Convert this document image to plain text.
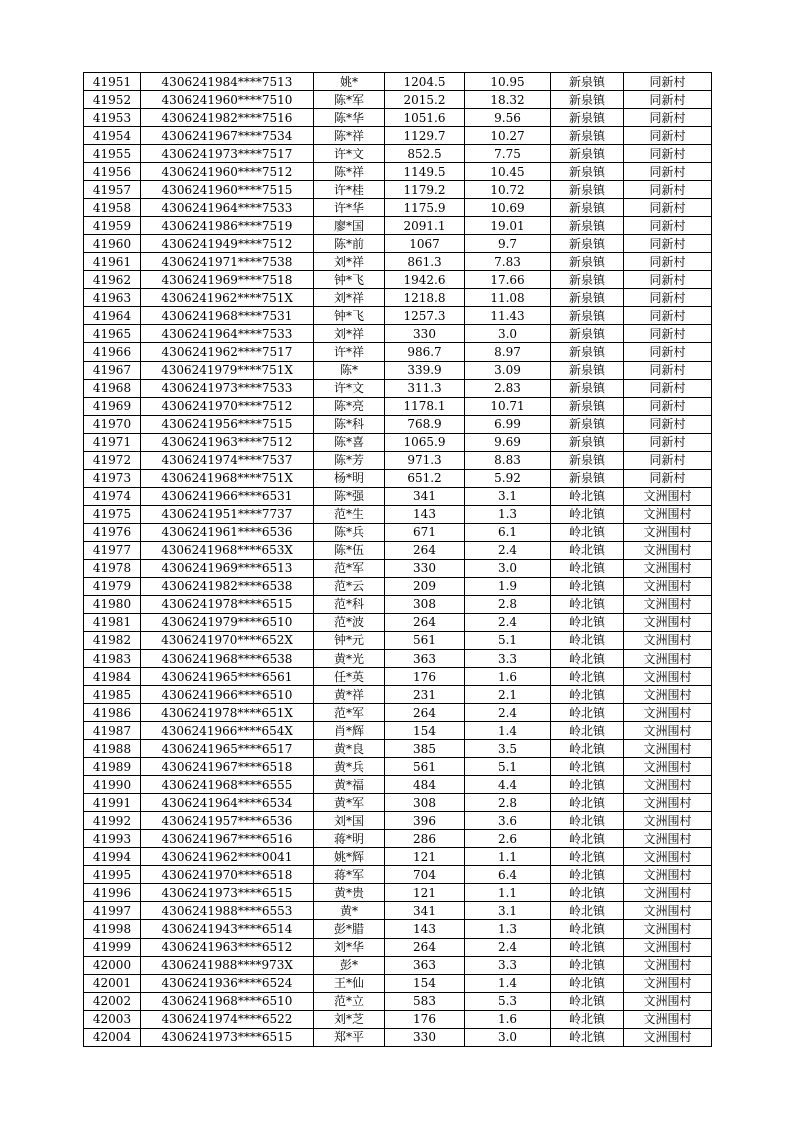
41951	4306241984****7513	姚*	1204.5	10.95	新泉镇	同新村
41952	4306241960****7510	陈*军	2015.2	18.32	新泉镇	同新村
41953	4306241982****7516	陈*华	1051.6	9.56	新泉镇	同新村
41954	4306241967****7534	陈*祥	1129.7	10.27	新泉镇	同新村
41955	4306241973****7517	许*文	852.5	7.75	新泉镇	同新村
41956	4306241960****7512	陈*祥	1149.5	10.45	新泉镇	同新村
41957	4306241960****7515	许*桂	1179.2	10.72	新泉镇	同新村
41958	4306241964****7533	许*华	1175.9	10.69	新泉镇	同新村
41959	4306241986****7519	廖*国	2091.1	19.01	新泉镇	同新村
41960	4306241949****7512	陈*前	1067	9.7	新泉镇	同新村
41961	4306241971****7538	刘*祥	861.3	7.83	新泉镇	同新村
41962	4306241969****7518	钟*飞	1942.6	17.66	新泉镇	同新村
41963	4306241962****751X	刘*祥	1218.8	11.08	新泉镇	同新村
41964	4306241968****7531	钟*飞	1257.3	11.43	新泉镇	同新村
41965	4306241964****7533	刘*祥	330	3.0	新泉镇	同新村
41966	4306241962****7517	许*祥	986.7	8.97	新泉镇	同新村
41967	4306241979****751X	陈*	339.9	3.09	新泉镇	同新村
41968	4306241973****7533	许*文	311.3	2.83	新泉镇	同新村
41969	4306241970****7512	陈*亮	1178.1	10.71	新泉镇	同新村
41970	4306241956****7515	陈*科	768.9	6.99	新泉镇	同新村
41971	4306241963****7512	陈*喜	1065.9	9.69	新泉镇	同新村
41972	4306241974****7537	陈*芳	971.3	8.83	新泉镇	同新村
41973	4306241968****751X	杨*明	651.2	5.92	新泉镇	同新村
41974	4306241966****6531	陈*强	341	3.1	岭北镇	文洲围村
41975	4306241951****7737	范*生	143	1.3	岭北镇	文洲围村
41976	4306241961****6536	陈*兵	671	6.1	岭北镇	文洲围村
41977	4306241968****653X	陈*伍	264	2.4	岭北镇	文洲围村
41978	4306241969****6513	范*军	330	3.0	岭北镇	文洲围村
41979	4306241982****6538	范*云	209	1.9	岭北镇	文洲围村
41980	4306241978****6515	范*科	308	2.8	岭北镇	文洲围村
41981	4306241979****6510	范*波	264	2.4	岭北镇	文洲围村
41982	4306241970****652X	钟*元	561	5.1	岭北镇	文洲围村
41983	4306241968****6538	黄*光	363	3.3	岭北镇	文洲围村
41984	4306241965****6561	任*英	176	1.6	岭北镇	文洲围村
41985	4306241966****6510	黄*祥	231	2.1	岭北镇	文洲围村
41986	4306241978****651X	范*军	264	2.4	岭北镇	文洲围村
41987	4306241966****654X	肖*辉	154	1.4	岭北镇	文洲围村
41988	4306241965****6517	黄*良	385	3.5	岭北镇	文洲围村
41989	4306241967****6518	黄*兵	561	5.1	岭北镇	文洲围村
41990	4306241968****6555	黄*福	484	4.4	岭北镇	文洲围村
41991	4306241964****6534	黄*军	308	2.8	岭北镇	文洲围村
41992	4306241957****6536	刘*国	396	3.6	岭北镇	文洲围村
41993	4306241967****6516	蒋*明	286	2.6	岭北镇	文洲围村
41994	4306241962****0041	姚*辉	121	1.1	岭北镇	文洲围村
41995	4306241970****6518	蒋*军	704	6.4	岭北镇	文洲围村
41996	4306241973****6515	黄*贵	121	1.1	岭北镇	文洲围村
41997	4306241988****6553	黄*	341	3.1	岭北镇	文洲围村
41998	4306241943****6514	彭*腊	143	1.3	岭北镇	文洲围村
41999	4306241963****6512	刘*华	264	2.4	岭北镇	文洲围村
42000	4306241988****973X	彭*	363	3.3	岭北镇	文洲围村
42001	4306241936****6524	王*仙	154	1.4	岭北镇	文洲围村
42002	4306241968****6510	范*立	583	5.3	岭北镇	文洲围村
42003	4306241974****6522	刘*芝	176	1.6	岭北镇	文洲围村
42004	4306241973****6515	郑*平	330	3.0	岭北镇	文洲围村
